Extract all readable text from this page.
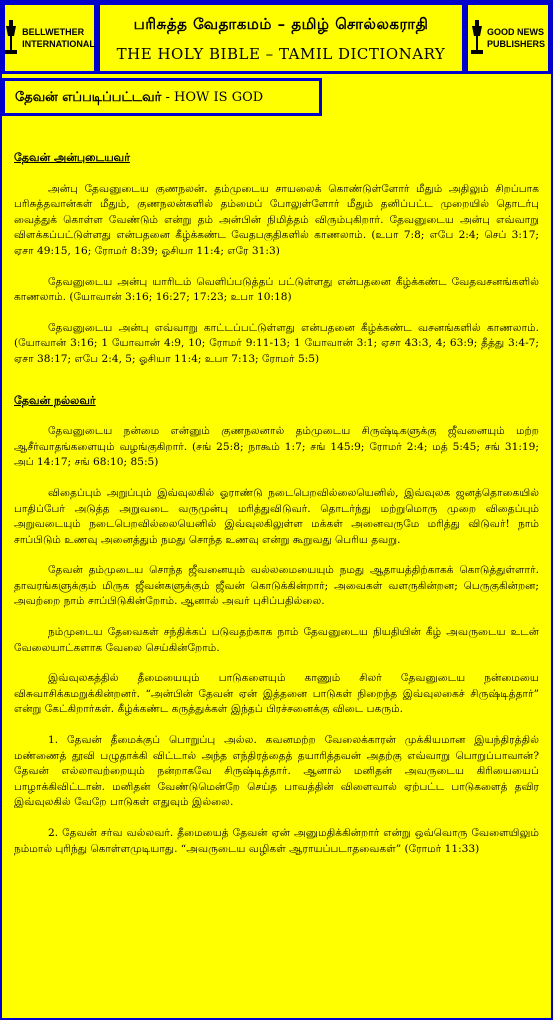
BELLWETHER
INTERNATIONAL
பரிசுத்த வேதாகமம் – தமிழ் சொல்லகராதி
THE HOLY BIBLE – TAMIL DICTIONARY
GOOD NEWS
PUBLISHERS
தேவன் எப்படிப்பட்டவர் - HOW IS GOD
தேவன் அன்புடையவர்

அன்பு தேவனுடைய குணநலன். தம்முடைய சாயலைக் கொண்டுள்ளோர் மீதும் அதிலும் சிறப்பாக பரிசுத்தவான்கள் மீதும், குணநலன்களில் தம்மைப் போலுள்ளோர் மீதும் தனிப்பட்ட முறையில் தொடர்பு வைத்துக் கொள்ள வேண்டும் என்று தம் அன்பின் நிமித்தம் விரும்புகிறார். தேவனுடைய அன்பு எவ்வாறு விளக்கப்பட்டுள்ளது என்பதனை கீழ்க்கண்ட வேதபகுதிகளில் காணலாம். (உபா 7:8; எபே 2:4; செப் 3:17; ஏசா 49:15, 16; ரோமர் 8:39; ஓசியா 11:4; எரே 31:3)

தேவனுடைய அன்பு யாரிடம் வெளிப்படுத்தப் பட்டுள்ளது என்பதனை கீழ்க்கண்ட வேதவசனங்களில் காணலாம். (யோவான் 3:16; 16:27; 17:23; உபா 10:18)

தேவனுடைய அன்பு எவ்வாறு காட்டப்பட்டுள்ளது என்பதனை கீழ்க்கண்ட வசனங்களில் காணலாம். (யோவான் 3:16; 1 யோவான் 4:9, 10; ரோமர் 9:11-13; 1 யோவான் 3:1; ஏசா 43:3, 4; 63:9; தீத்து 3:4-7; ஏசா 38:17; எபே 2:4, 5; ஓசியா 11:4; உபா 7:13; ரோமர் 5:5)

தேவன் நல்லவர்

தேவனுடைய நன்மை என்னும் குணநலனால் தம்முடைய சிருஷ்டிகளுக்கு ஜீவனையும் மற்ற ஆசீர்வாதங்களையும் வழங்குகிறார். (சங் 25:8; நாகூம் 1:7; சங் 145:9; ரோமர் 2:4; மத் 5:45; சங் 31:19; அப் 14:17; சங் 68:10; 85:5)

விதைப்பும் அறுப்பும் இவ்வுலகில் ஓராண்டு நடைபெறவில்லையெனில், இவ்வுலக ஜனத்தொகையில் பாதிப்பேர் அடுத்த அறுவடை வருமுன்பு மரித்துவிடுவர். தொடர்ந்து மற்றுமொரு முறை விதைப்பும் அறுவடையும் நடைபெறவில்லையெனில் இவ்வுலகிலுள்ள மக்கள் அனைவருமே மரித்து விடுவர்! நாம் சாப்பிடும் உணவு அனைத்தும் நமது சொந்த உணவு என்று கூறுவது பெரிய தவறு.

தேவன் தம்முடைய சொந்த ஜீவனையும் வல்லமையையும் நமது ஆதாயத்திற்காகக் கொடுத்துள்ளார். தாவரங்களுக்கும் மிருக ஜீவன்களுக்கும் ஜீவன் கொடுக்கின்றார்; அவைகள் வளருகின்றன; பெருகுகின்றன; அவற்றை நாம் சாப்பிடுகின்றோம். ஆனால் அவர் புசிப்பதில்லை.

நம்முடைய தேவைகள் சந்திக்கப் படுவதற்காக நாம் தேவனுடைய நியதியின் கீழ் அவருடைய உடன் வேலையாட்களாக வேலை செய்கின்றோம்.

இவ்வுலகத்தில் தீமையையும் பாடுகளையும் காணும் சிலர் தேவனுடைய நன்மையை விசுவாசிக்கமறுக்கின்றனர். “அன்பின் தேவன் ஏன் இத்தனை பாடுகள் நிறைந்த இவ்வுலகைச் சிருஷ்டித்தார்” என்று கேட்கிறார்கள். கீழ்க்கண்ட கருத்துக்கள் இந்தப் பிரச்சனைக்கு விடை பகரும்.

1. தேவன் தீமைக்குப் பொறுப்பு அல்ல. கவனமற்ற வேலைக்காரன் முக்கியமான இயந்திரத்தில் மண்ணைத் தூவி பழுதாக்கி விட்டால் அந்த எந்திரத்தைத் தயாரித்தவன் அதற்கு எவ்வாறு பொறுப்பாவான்? தேவன் எல்லாவற்றையும் நன்றாகவே சிருஷ்டித்தார். ஆனால் மனிதன் அவருடைய கிரியையைப் பாழாக்கிவிட்டான். மனிதன் வேண்டுமென்றே செய்த பாவத்தின் விளைவால் ஏற்பட்ட பாடுகளைத் தவிர இவ்வுலகில் வேறே பாடுகள் எதுவும் இல்லை.

2. தேவன் சர்வ வல்லவர். தீமையைத் தேவன் ஏன் அனுமதிக்கின்றார் என்று ஒவ்வொரு வேளையிலும் நம்மால் புரிந்து கொள்ளமுடியாது. “அவருடைய வழிகள் ஆராயப்படாதவைகள்” (ரோமர் 11:33)
